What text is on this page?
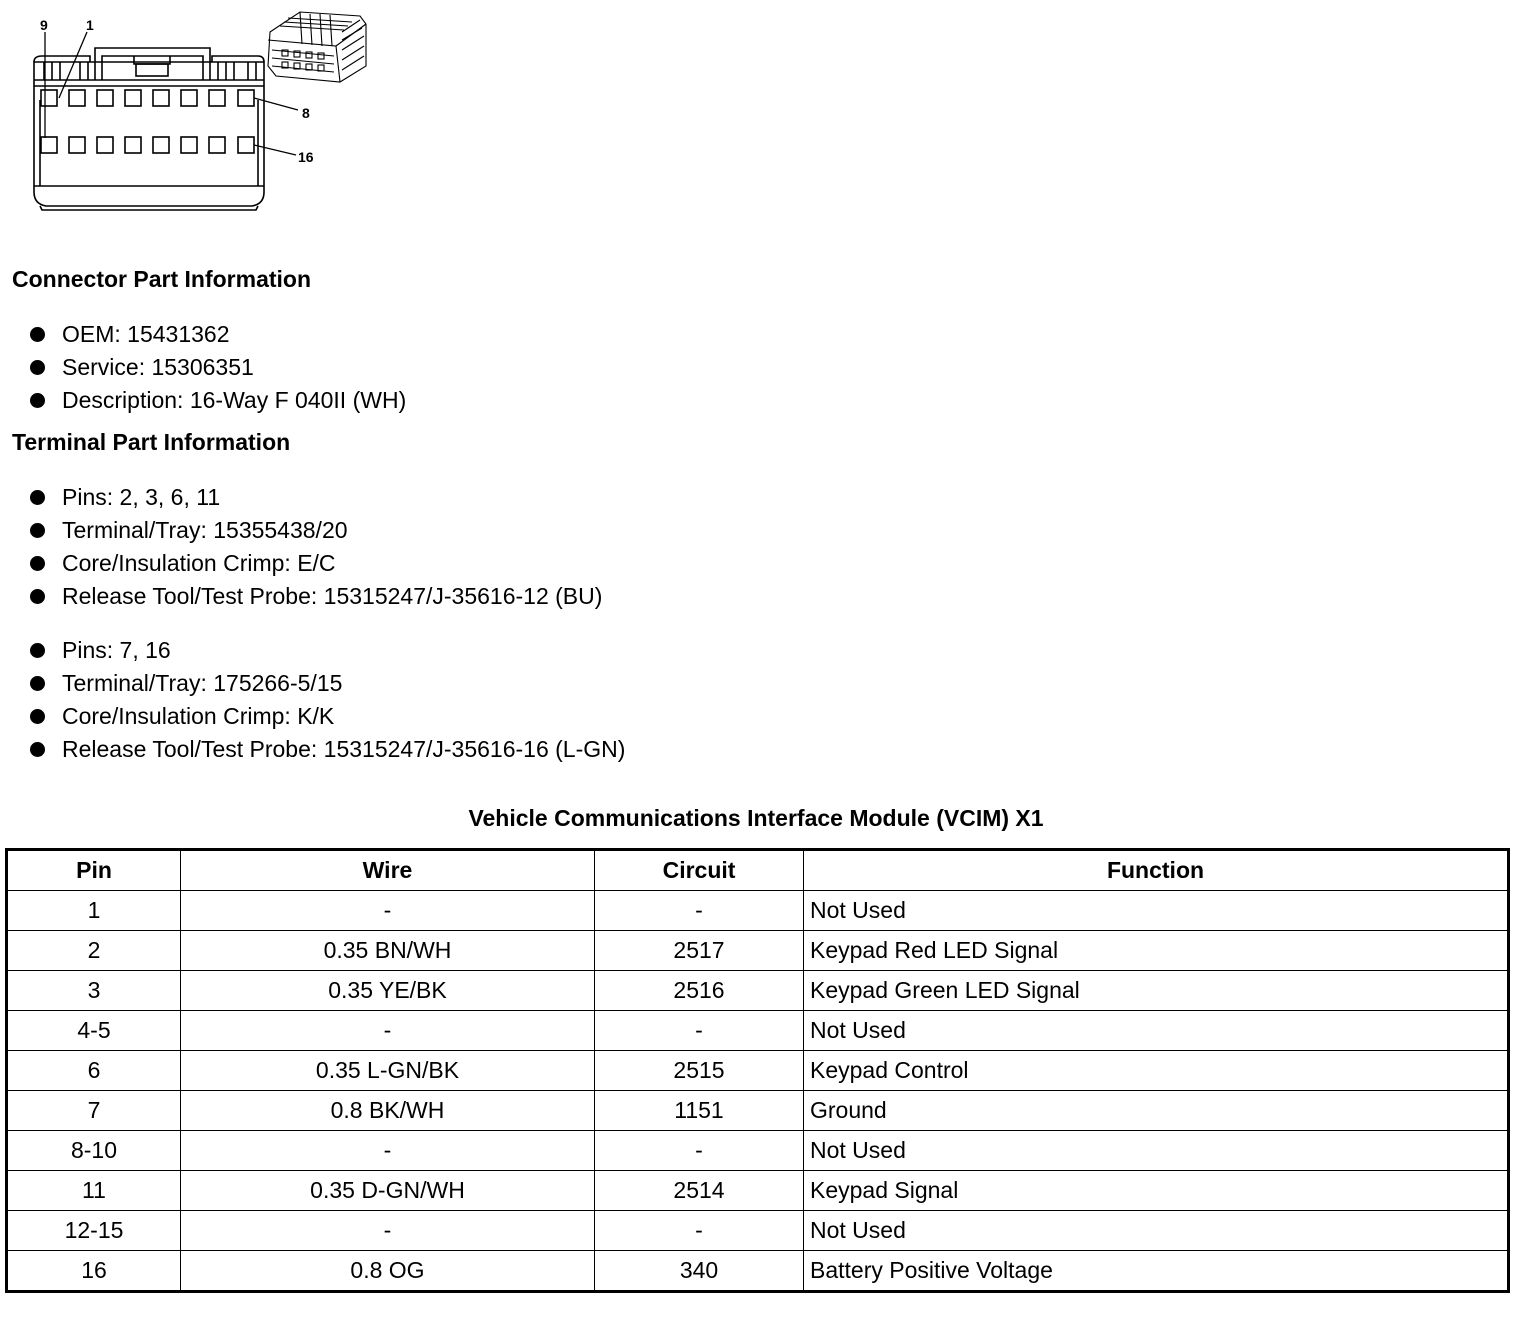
9	1
8
16
Connector Part Information
OEM: 15431362
Service: 15306351
Description: 16-Way F 040II (WH)
Terminal Part Information
Pins: 2, 3, 6, 11
Terminal/Tray: 15355438/20
Core/Insulation Crimp: E/C
Release Tool/Test Probe: 15315247/J-35616-12 (BU)
Pins: 7, 16
Terminal/Tray: 175266-5/15
Core/Insulation Crimp: K/K
Release Tool/Test Probe: 15315247/J-35616-16 (L-GN)
Vehicle Communications Interface Module (VCIM) X1
Pin	Wire	Circuit	Function
1	-	-	Not Used
2	0.35 BN/WH	2517	Keypad Red LED Signal
3	0.35 YE/BK	2516	Keypad Green LED Signal
4-5	-	-	Not Used
6	0.35 L-GN/BK	2515	Keypad Control
7	0.8 BK/WH	1151	Ground
8-10	-	-	Not Used
11	0.35 D-GN/WH	2514	Keypad Signal
12-15	-	-	Not Used
16	0.8 OG	340	Battery Positive Voltage
